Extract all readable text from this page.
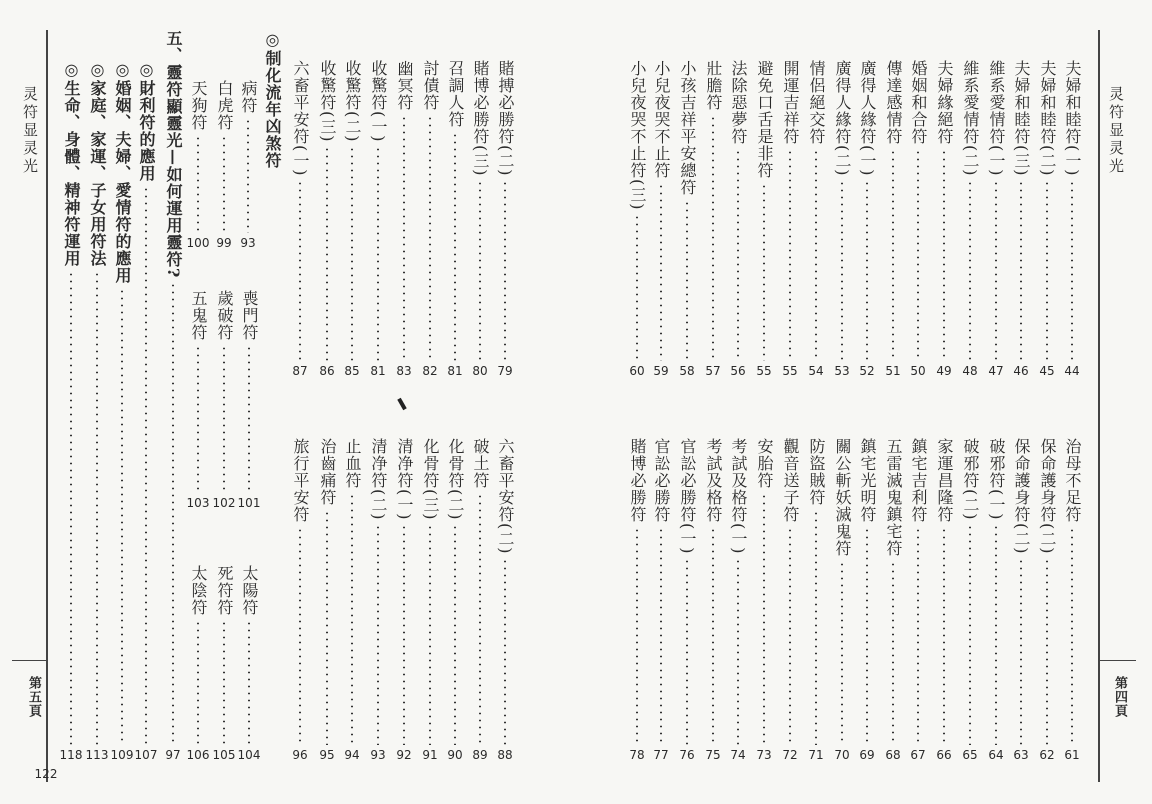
灵符显灵光
第五頁
灵符显灵光
第四頁
賭搏必勝符(二)
79
賭博必勝符(三)
80
召調人符
81
討債符
82
幽冥符
83
收驚符(一)
81
收驚符(二)
85
收驚符(三)
86
六畜平安符(一)
87
◎制化流年凶煞符
病符
93
白虎符
99
天狗符
100
喪門符
101
歲破符
102
五鬼符
103	六畜平安符(二)
88
破土符
89
化骨符(二)
90
化骨符(三)
91
清净符(一)
92
清净符(二)
93
止血符
94
治齒痛符
95
旅行平安符
96
五、靈符顯靈光—如何運用靈符?
97
太陽符
104
死符符
105
太陰符
106
◎財利符的應用
107
◎婚姻、夫婦、愛情符的應用
109
◎家庭、家運、子女用符法
113
◎生命、身體、精神符運用
118
122
夫婦和睦符(一)
44
夫婦和睦符(二)
45
夫婦和睦符(三)
46
維系愛情符(一)
47
維系愛情符(二)
48
夫婦緣絕符
49
婚姻和合符
50
傳達感情符
51
廣得人緣符(一)
52
廣得人緣符(二)
53
情侶絕交符
54
開運吉祥符
55
避免口舌是非符
55
法除惡夢符
56
壯膽符
57
小孩吉祥平安總符
58
小兒夜哭不止符
59
小兒夜哭不止符(三)
60
治母不足符
61
保命護身符(二)
62
保命護身符(二)
63
破邪符(一)
64
破邪符(二)
65
家運昌隆符
66
鎮宅吉利符
67
五雷滅鬼鎮宅符
68
鎮宅光明符
69
關公斬妖滅鬼符
70
防盜賊符
71
觀音送子符
72
安胎符
73
考試及格符(一)
74
考試及格符
75
官訟必勝符(一)
76
官訟必勝符
77
賭博必勝符
78
